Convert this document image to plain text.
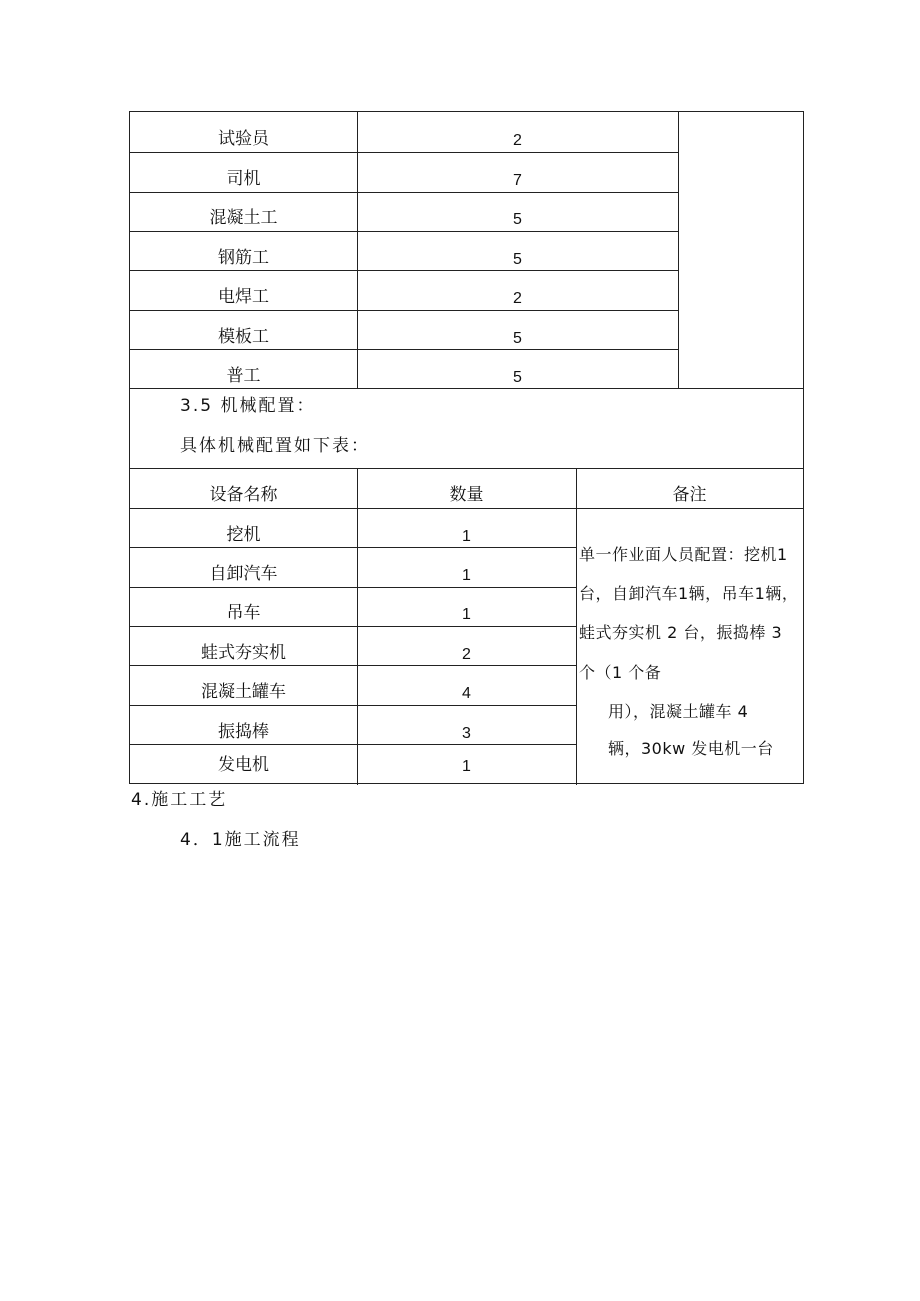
试验员	2
司机	7
混凝土工	5
钢筋工	5
电焊工	2
模板工	5
普工	5
3.5 机械配置：
具体机械配置如下表：
设备名称	数量	备注
挖机	1
自卸汽车	1
吊车	1
蛙式夯实机	2
混凝土罐车	4
振捣棒	3
发电机	1
单一作业面人员配置：挖机1
台，自卸汽车1辆，吊车1辆，
蛙式夯实机 2 台，振捣棒 3
个（1 个备
用），混凝土罐车 4
辆，30kw 发电机一台
4.施工工艺
4．1施工流程
